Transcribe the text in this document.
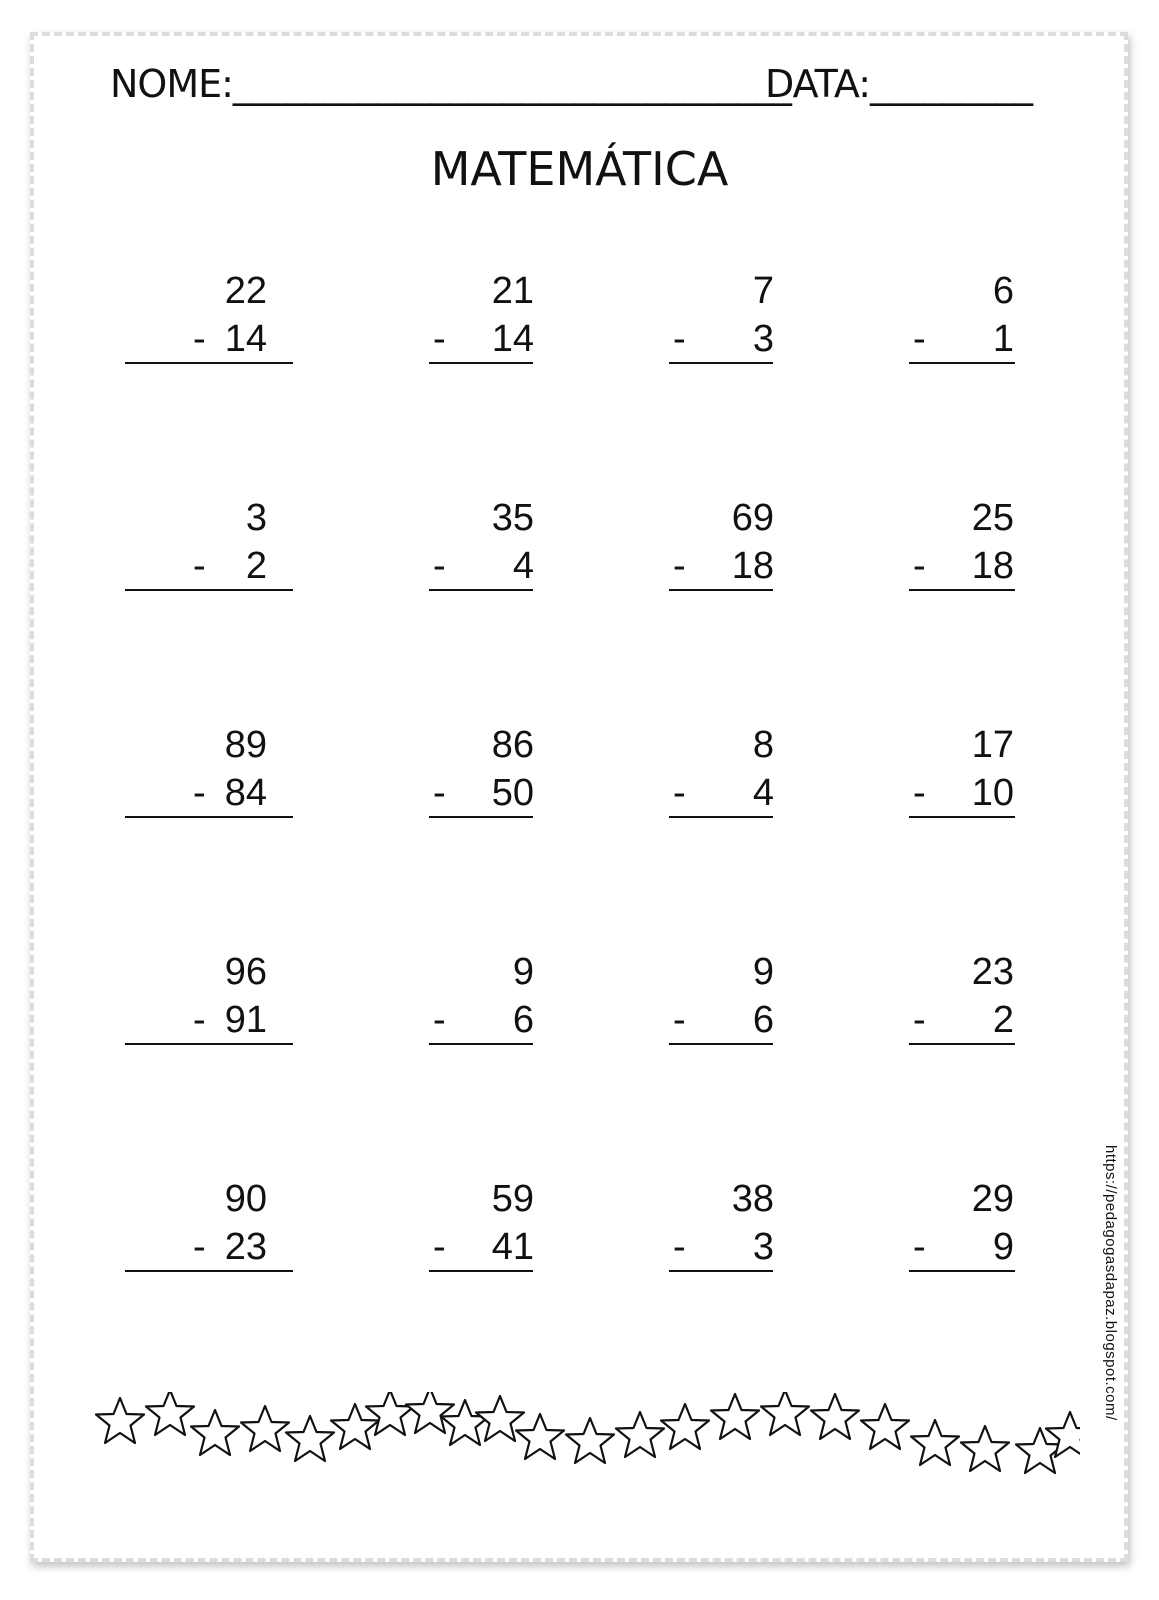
NOME:_______________________________
DATA:_________
MATEMÁTICA
22
- 14
21
- 14
7
- 3
6
- 1
3
- 2
35
- 4
69
- 18
25
- 18
89
- 84
86
- 50
8
- 4
17
- 10
96
- 91
9
- 6
9
- 6
23
- 2
90
- 23
59
- 41
38
- 3
29
- 9	https://pedagogasdapaz.blogspot.com/
